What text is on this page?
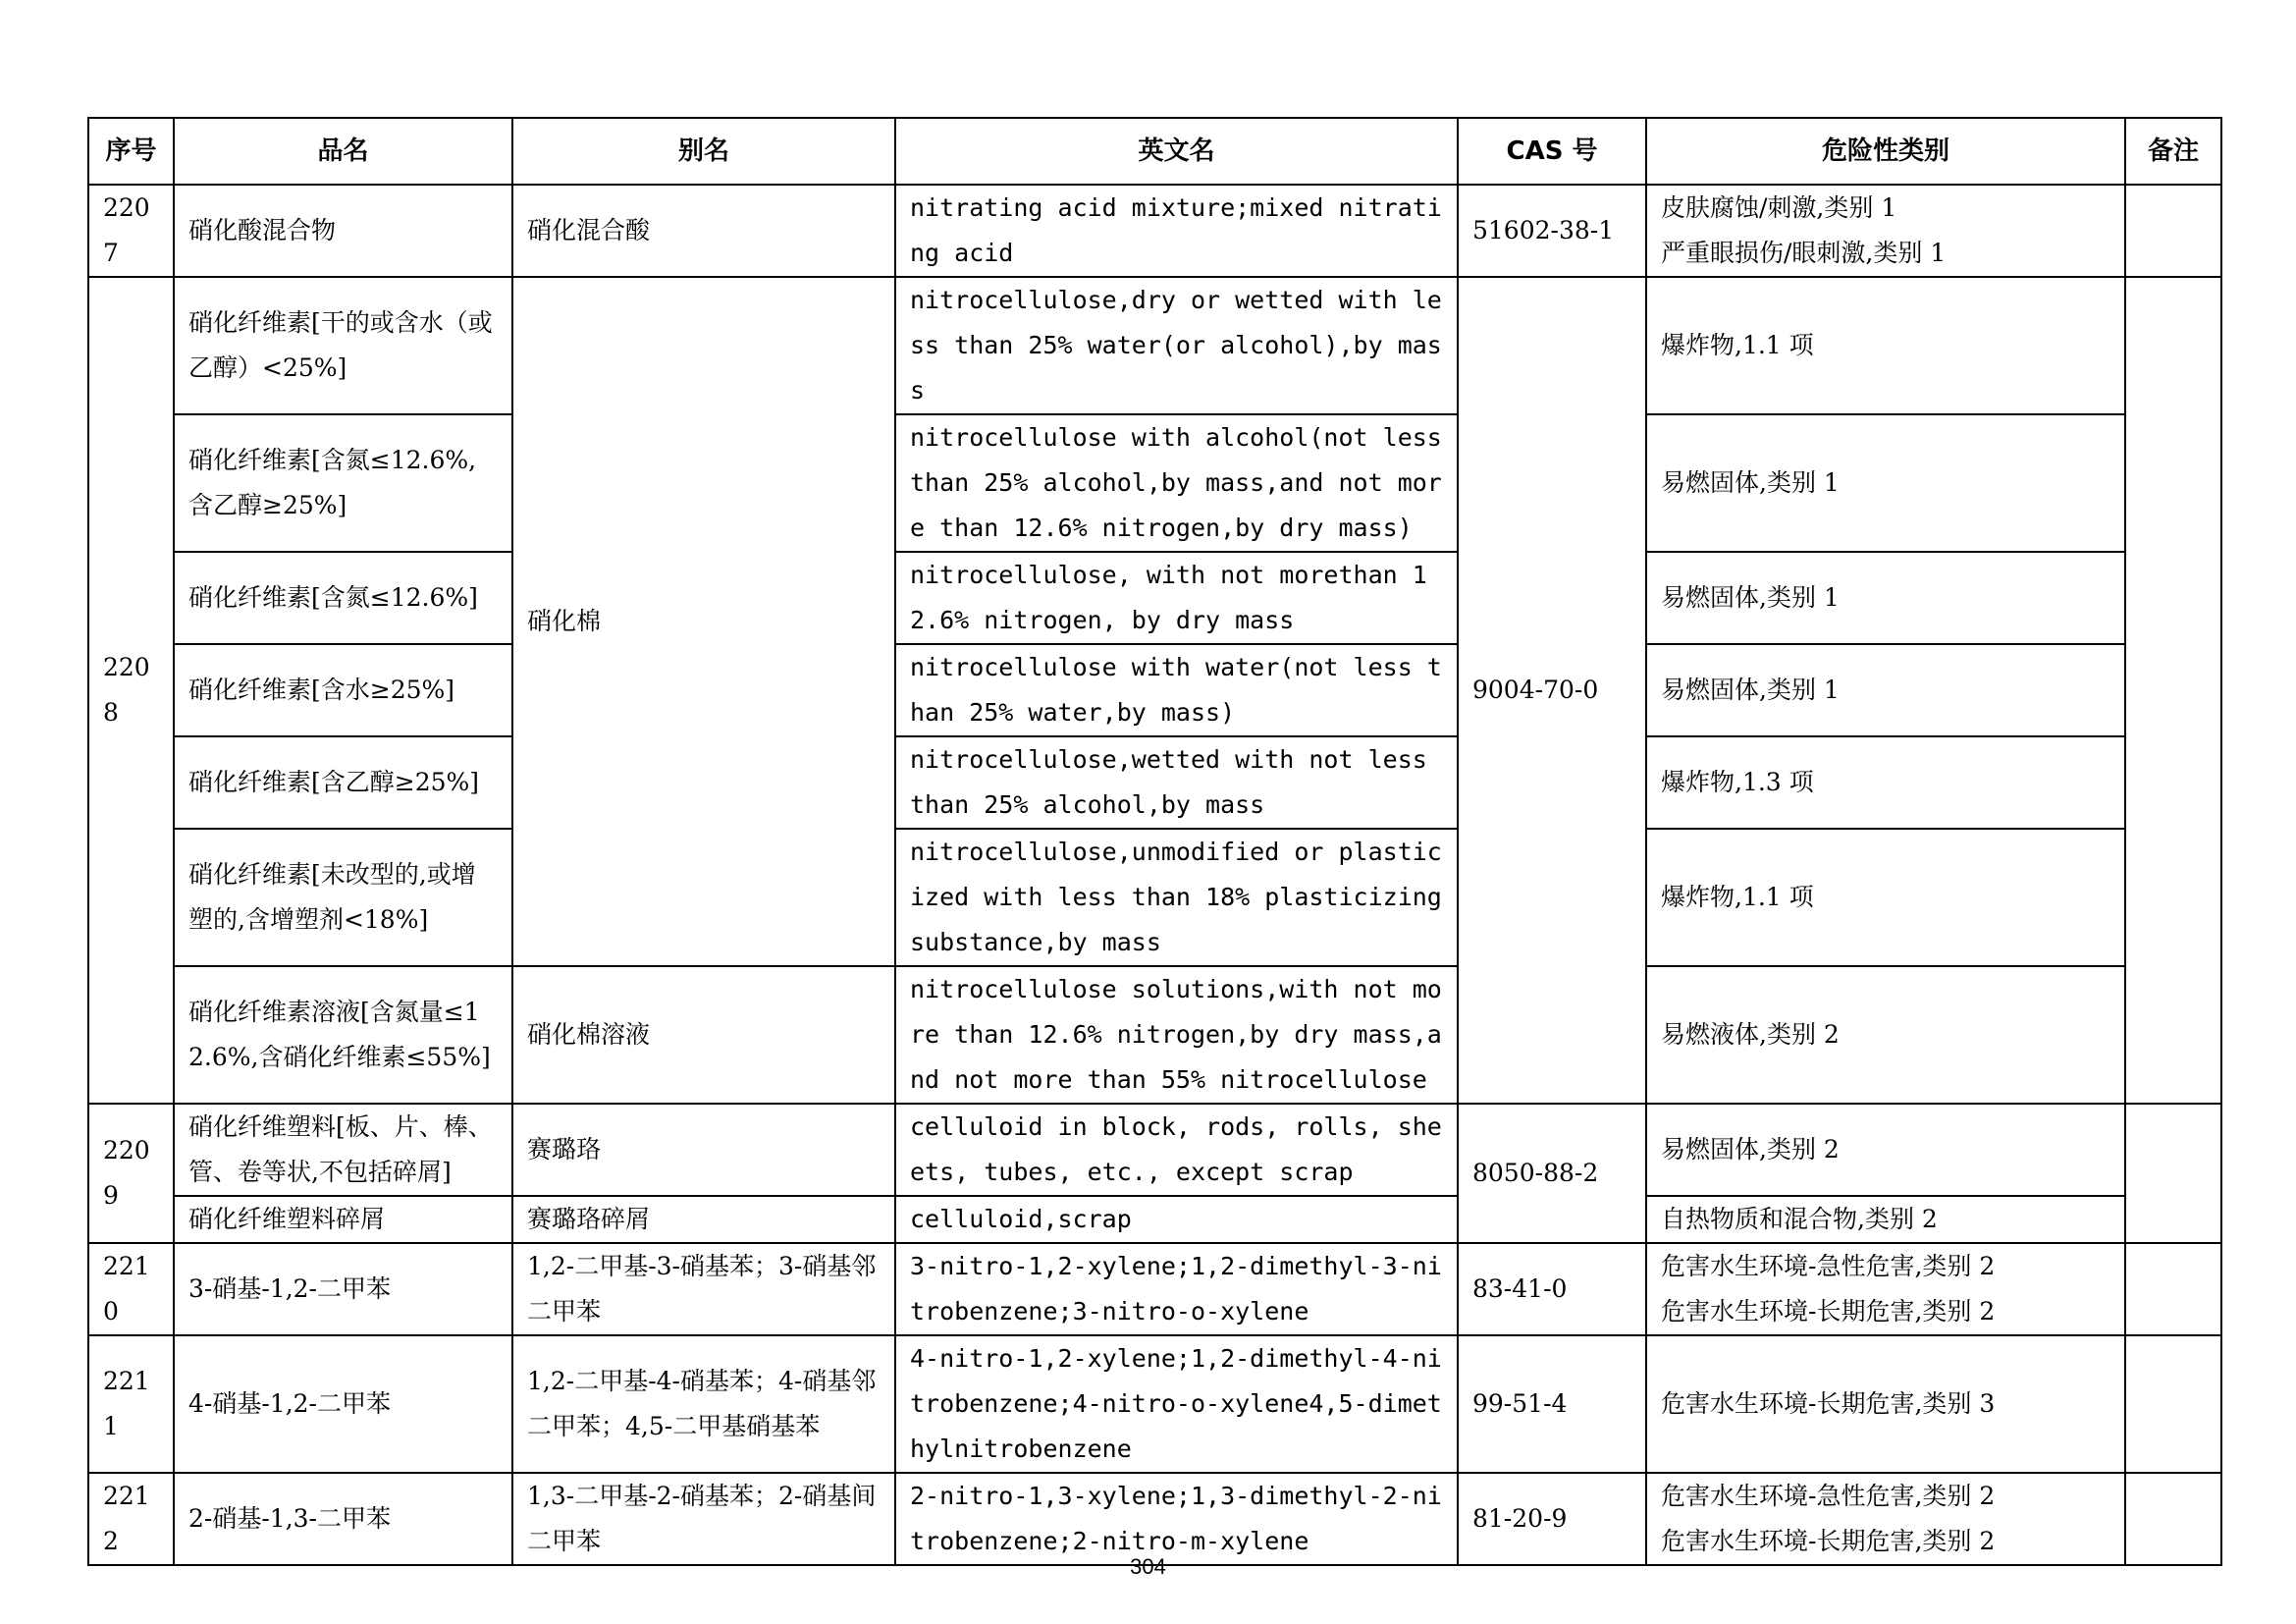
序号	品名	别名	英文名	CAS 号	危险性类别	备注
2207	硝化酸混合物	硝化混合酸	nitrating acid mixture;mixed nitrating acid	51602-38-1	皮肤腐蚀/刺激,类别 1
严重眼损伤/眼刺激,类别 1	

2208	硝化纤维素[干的或含水（或乙醇）<25%]	硝化棉	nitrocellulose,dry or wetted with less than 25% water(or alcohol),by mass	9004-70-0	爆炸物,1.1 项	
	硝化纤维素[含氮≤12.6%,含乙醇≥25%]		nitrocellulose with alcohol(not less than 25% alcohol,by mass,and not more than 12.6% nitrogen,by dry mass)		易燃固体,类别 1	
	硝化纤维素[含氮≤12.6%]		nitrocellulose, with not morethan 12.6% nitrogen, by dry mass		易燃固体,类别 1	
	硝化纤维素[含水≥25%]		nitrocellulose with water(not less than 25% water,by mass)		易燃固体,类别 1	
	硝化纤维素[含乙醇≥25%]		nitrocellulose,wetted with not less than 25% alcohol,by mass		爆炸物,1.3 项	
	硝化纤维素[未改型的,或增塑的,含增塑剂<18%]		nitrocellulose,unmodified or plasticized with less than 18% plasticizing substance,by mass		爆炸物,1.1 项	
	硝化纤维素溶液[含氮量≤12.6%,含硝化纤维素≤55%]	硝化棉溶液	nitrocellulose solutions,with not more than 12.6% nitrogen,by dry mass,and not more than 55% nitrocellulose		易燃液体,类别 2	
2209	硝化纤维塑料[板、片、棒、管、卷等状,不包括碎屑]	赛璐珞	celluloid in block, rods, rolls, sheets, tubes, etc., except scrap	8050-88-2	易燃固体,类别 2	
	硝化纤维塑料碎屑	赛璐珞碎屑	celluloid,scrap		自热物质和混合物,类别 2	
2210	3-硝基-1,2-二甲苯	1,2-二甲基-3-硝基苯；3-硝基邻二甲苯	3-nitro-1,2-xylene;1,2-dimethyl-3-nitrobenzene;3-nitro-o-xylene	83-41-0	危害水生环境-急性危害,类别 2
危害水生环境-长期危害,类别 2	

2211	4-硝基-1,2-二甲苯	1,2-二甲基-4-硝基苯；4-硝基邻二甲苯；4,5-二甲基硝基苯	4-nitro-1,2-xylene;1,2-dimethyl-4-nitrobenzene;4-nitro-o-xylene4,5-dimethylnitrobenzene	99-51-4	危害水生环境-长期危害,类别 3	

2212	2-硝基-1,3-二甲苯	1,3-二甲基-2-硝基苯；2-硝基间二甲苯	2-nitro-1,3-xylene;1,3-dimethyl-2-nitrobenzene;2-nitro-m-xylene	81-20-9	危害水生环境-急性危害,类别 2
危害水生环境-长期危害,类别 2	

304
